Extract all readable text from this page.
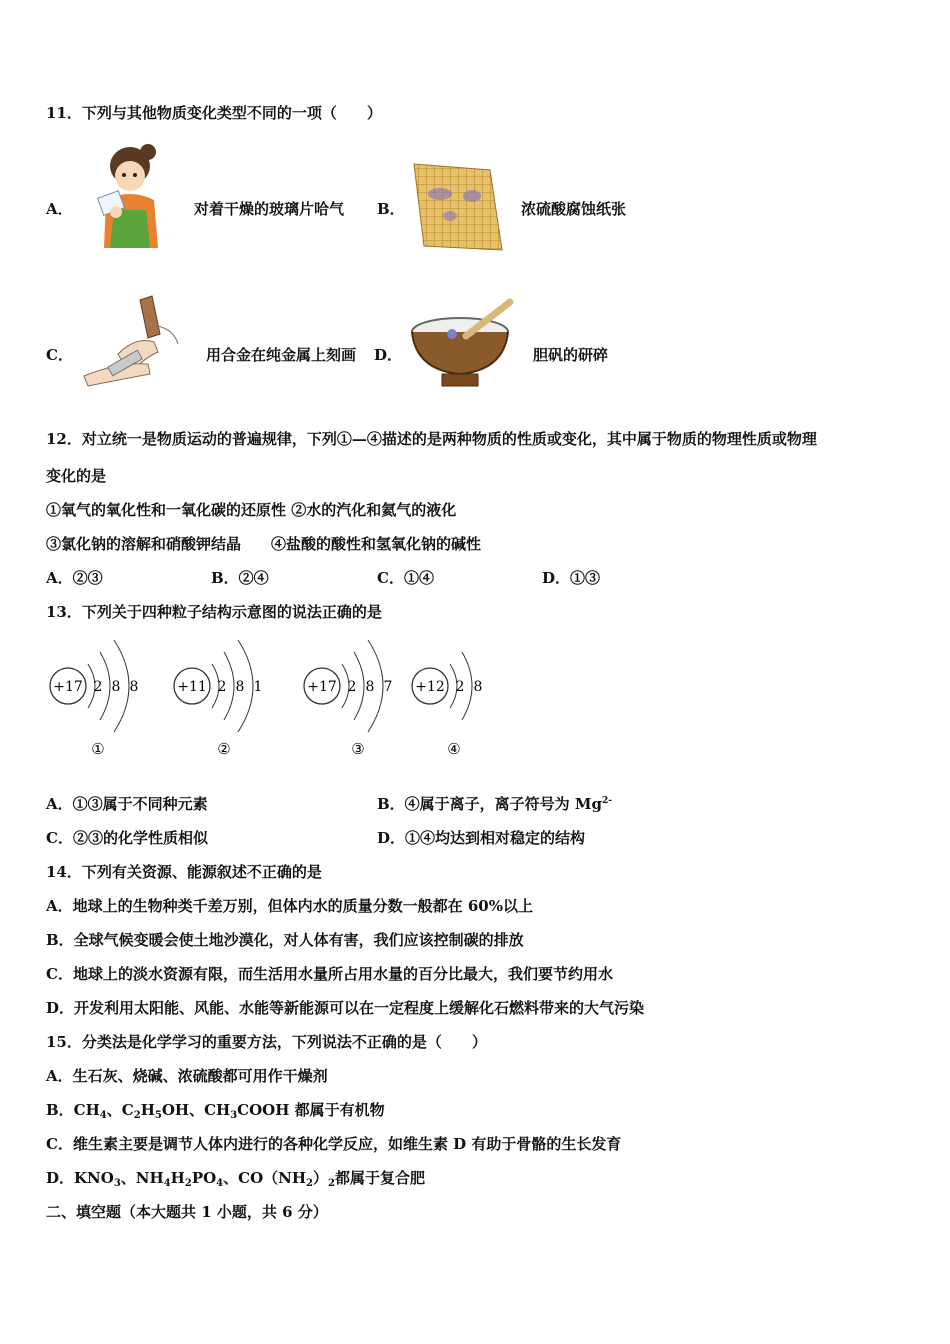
11．下列与其他物质变化类型不同的一项（　　）
A．	对着干燥的玻璃片哈气 B．	浓硫酸腐蚀纸张
C．	用合金在纯金属上刻画 D．	胆矾的研碎
12．对立统一是物质运动的普遍规律，下列①—④描述的是两种物质的性质或变化，其中属于物质的物理性质或物理
变化的是
①氧气的氧化性和一氧化碳的还原性 ②水的汽化和氦气的液化
③氯化钠的溶解和硝酸钾结晶　　④盐酸的酸性和氢氧化钠的碱性
A．②③	B．②④	C．①④	D．①③
13．下列关于四种粒子结构示意图的说法正确的是
+17 2 8 8
①
+11 2 8 1
②
+17 2 8 7
③
+12 2 8
④
A．①③属于不同种元素	B．④属于离子，离子符号为 $Mg^{2-}$
C．②③的化学性质相似	D．①④均达到相对稳定的结构
14．下列有关资源、能源叙述不正确的是
A．地球上的生物种类千差万别，但体内水的质量分数一般都在 60%以上
B．全球气候变暖会使土地沙漠化，对人体有害，我们应该控制碳的排放
C．地球上的淡水资源有限，而生活用水量所占用水量的百分比最大，我们要节约用水
D．开发利用太阳能、风能、水能等新能源可以在一定程度上缓解化石燃料带来的大气污染
15．分类法是化学学习的重要方法，下列说法不正确的是（　　）
A．生石灰、烧碱、浓硫酸都可用作干燥剂
B．$CH_4$、$C_2H_5OH$、$CH_3COOH$ 都属于有机物
C．维生素主要是调节人体内进行的各种化学反应，如维生素 D 有助于骨骼的生长发育
D．$KNO_3$、$NH_4H_2PO_4$、$CO(NH_2)_2$都属于复合肥
二、填空题（本大题共 1 小题，共 6 分）
